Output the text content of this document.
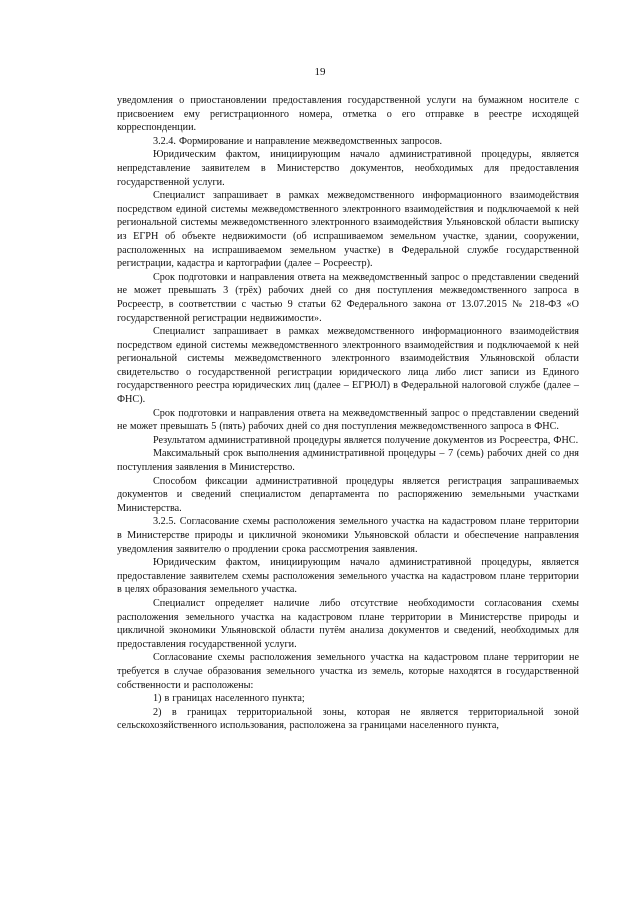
19

уведомления о приостановлении предоставления государственной услуги на бумажном носителе с присвоением ему регистрационного номера, отметка о его отправке в реестре исходящей корреспонденции.

3.2.4. Формирование и направление межведомственных запросов.

Юридическим фактом, инициирующим начало административной процедуры, является непредставление заявителем в Министерство документов, необходимых для предоставления государственной услуги.

Специалист запрашивает в рамках межведомственного информационного взаимодействия посредством единой системы межведомственного электронного взаимодействия и подключаемой к ней региональной системы межведомственного электронного взаимодействия Ульяновской области выписку из ЕГРН об объекте недвижимости (об испрашиваемом земельном участке, здании, сооружении, расположенных на испрашиваемом земельном участке) в Федеральной службе государственной регистрации, кадастра и картографии (далее – Росреестр).

Срок подготовки и направления ответа на межведомственный запрос о представлении сведений не может превышать 3 (трёх) рабочих дней со дня поступления межведомственного запроса в Росреестр, в соответствии с частью 9 статьи 62 Федерального закона от 13.07.2015 № 218-ФЗ «О государственной регистрации недвижимости».

Специалист запрашивает в рамках межведомственного информационного взаимодействия посредством единой системы межведомственного электронного взаимодействия и подключаемой к ней региональной системы межведомственного электронного взаимодействия Ульяновской области свидетельство о государственной регистрации юридического лица либо лист записи из Единого государственного реестра юридических лиц (далее – ЕГРЮЛ) в Федеральной налоговой службе (далее – ФНС).

Срок подготовки и направления ответа на межведомственный запрос о представлении сведений не может превышать 5 (пять) рабочих дней со дня поступления межведомственного запроса в ФНС.

Результатом административной процедуры является получение документов из Росреестра, ФНС.

Максимальный срок выполнения административной процедуры – 7 (семь) рабочих дней со дня поступления заявления в Министерство.

Способом фиксации административной процедуры является регистрация запрашиваемых документов и сведений специалистом департамента по распоряжению земельными участками Министерства.

3.2.5. Согласование схемы расположения земельного участка на кадастровом плане территории в Министерстве природы и цикличной экономики Ульяновской области и обеспечение направления уведомления заявителю о продлении срока рассмотрения заявления.

Юридическим фактом, инициирующим начало административной процедуры, является предоставление заявителем схемы расположения земельного участка на кадастровом плане территории в целях образования земельного участка.

Специалист определяет наличие либо отсутствие необходимости согласования схемы расположения земельного участка на кадастровом плане территории в Министерстве природы и цикличной экономики Ульяновской области путём анализа документов и сведений, необходимых для предоставления государственной услуги.

Согласование схемы расположения земельного участка на кадастровом плане территории не требуется в случае образования земельного участка из земель, которые находятся в государственной собственности и расположены:

1) в границах населенного пункта;

2) в границах территориальной зоны, которая не является территориальной зоной сельскохозяйственного использования, расположена за границами населенного пункта,
